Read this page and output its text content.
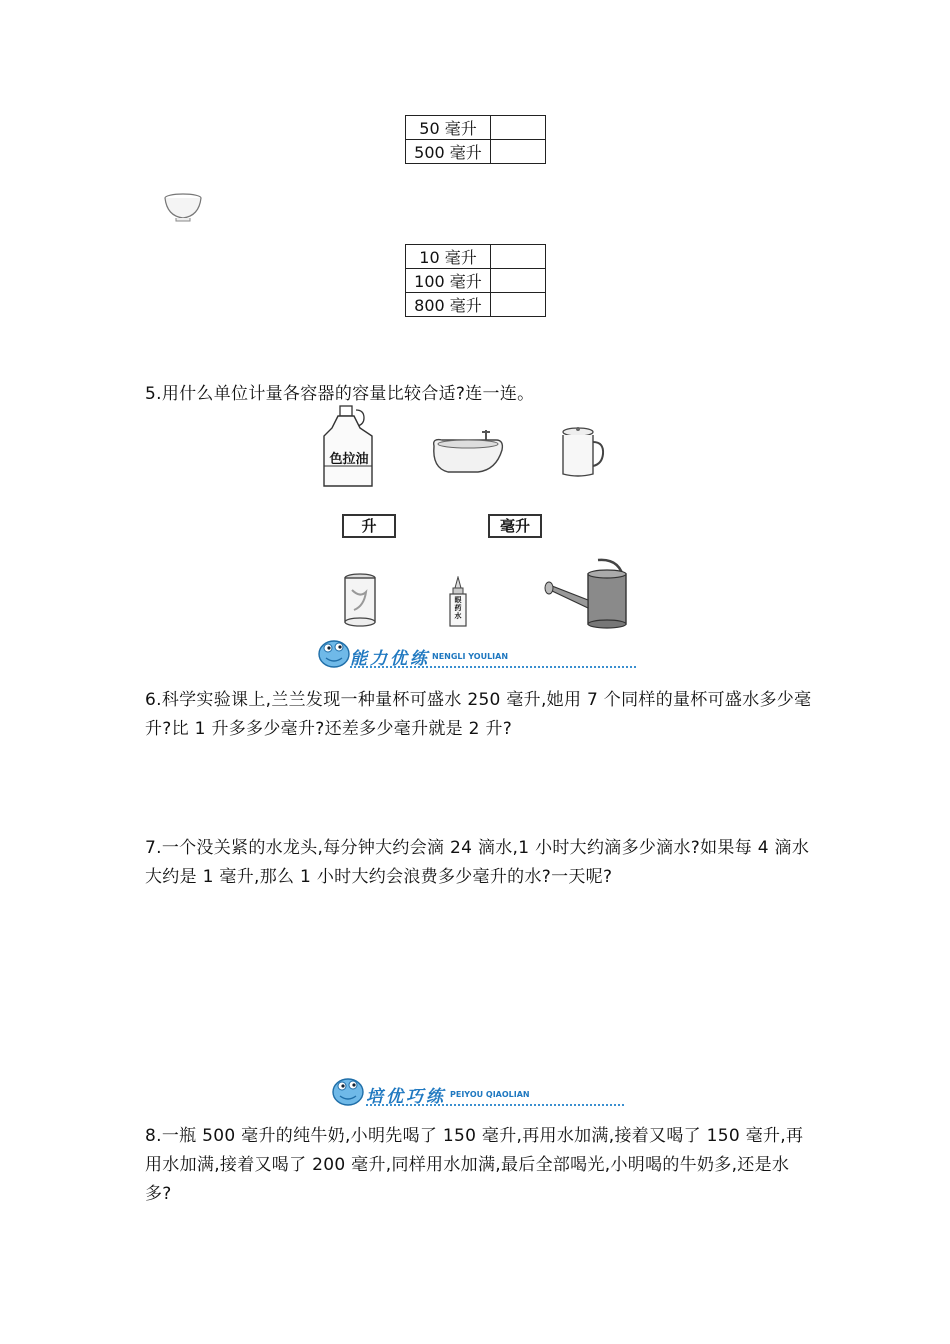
50 毫升	
500 毫升	
10 毫升	
100 毫升	
800 毫升	
5.用什么单位计量各容器的容量比较合适?连一连。
色拉油
升	毫升
眼药水
能力优练 NENGLI YOULIAN
6.科学实验课上,兰兰发现一种量杯可盛水 250 毫升,她用 7 个同样的量杯可盛水多少毫升?比 1 升多多少毫升?还差多少毫升就是 2 升?
7.一个没关紧的水龙头,每分钟大约会滴 24 滴水,1 小时大约滴多少滴水?如果每 4 滴水大约是 1 毫升,那么 1 小时大约会浪费多少毫升的水?一天呢?
培优巧练 PEIYOU QIAOLIAN
8.一瓶 500 毫升的纯牛奶,小明先喝了 150 毫升,再用水加满,接着又喝了 150 毫升,再用水加满,接着又喝了 200 毫升,同样用水加满,最后全部喝光,小明喝的牛奶多,还是水多?
